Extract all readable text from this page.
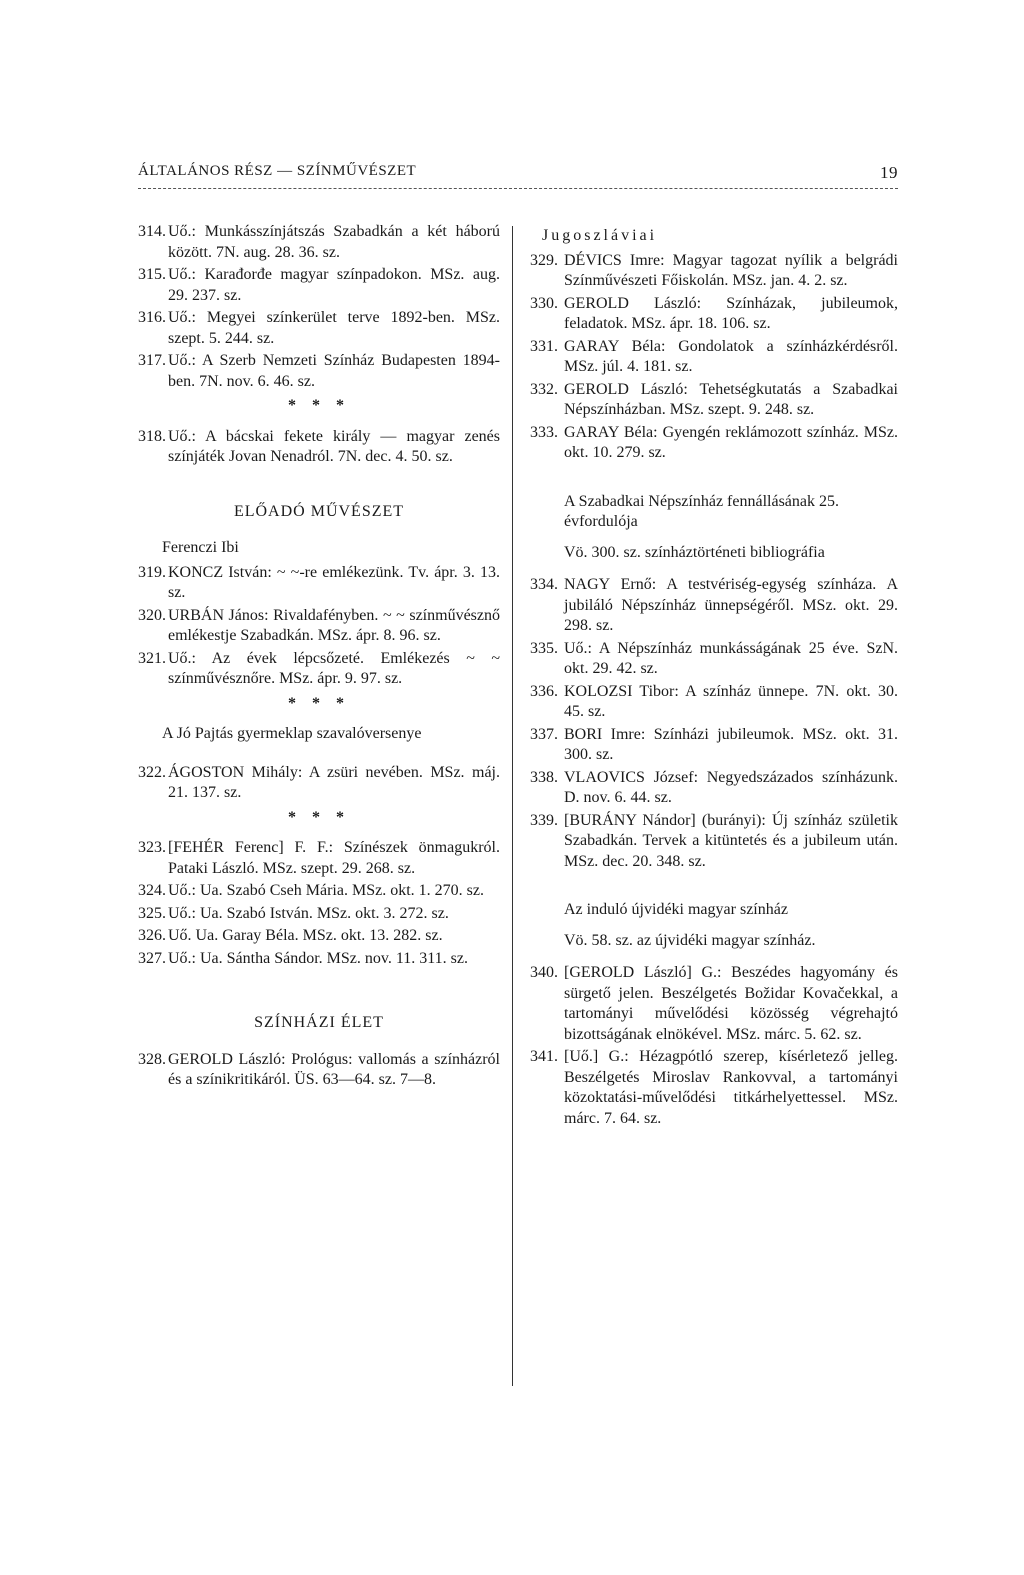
ÁLTALÁNOS RÉSZ — SZÍNMŰVÉSZET	19
314. Uő.: Munkásszínjátszás Szabadkán a két háború között. 7N. aug. 28. 36. sz.
315. Uő.: Karađorđe magyar színpadokon. MSz. aug. 29. 237. sz.
316. Uő.: Megyei színkerület terve 1892-ben. MSz. szept. 5. 244. sz.
317. Uő.: A Szerb Nemzeti Színház Budapesten 1894-ben. 7N. nov. 6. 46. sz.
* * *
318. Uő.: A bácskai fekete király — magyar zenés színjáték Jovan Nenadról. 7N. dec. 4. 50. sz.
ELŐADÓ MŰVÉSZET
Ferenczi Ibi
319. KONCZ István: ~ ~-re emlékezünk. Tv. ápr. 3. 13. sz.
320. URBÁN János: Rivaldafényben. ~ ~ színművésznő emlékestje Szabadkán. MSz. ápr. 8. 96. sz.
321. Uő.: Az évek lépcsőzeté. Emlékezés ~ ~ színművésznőre. MSz. ápr. 9. 97. sz.
* * *
A Jó Pajtás gyermeklap szavalóversenye
322. ÁGOSTON Mihály: A zsüri nevében. MSz. máj. 21. 137. sz.
* * *
323. [FEHÉR Ferenc] F. F.: Színészek önmagukról. Pataki László. MSz. szept. 29. 268. sz.
324. Uő.: Ua. Szabó Cseh Mária. MSz. okt. 1. 270. sz.
325. Uő.: Ua. Szabó István. MSz. okt. 3. 272. sz.
326. Uő. Ua. Garay Béla. MSz. okt. 13. 282. sz.
327. Uő.: Ua. Sántha Sándor. MSz. nov. 11. 311. sz.
SZÍNHÁZI ÉLET
328. GEROLD László: Prológus: vallomás a színházról és a színikritikáról. ÜS. 63—64. sz. 7—8.
Jugoszláviai
329. DÉVICS Imre: Magyar tagozat nyílik a belgrádi Színművészeti Főiskolán. MSz. jan. 4. 2. sz.
330. GEROLD László: Színházak, jubileumok, feladatok. MSz. ápr. 18. 106. sz.
331. GARAY Béla: Gondolatok a színházkérdésről. MSz. júl. 4. 181. sz.
332. GEROLD László: Tehetségkutatás a Szabadkai Népszínházban. MSz. szept. 9. 248. sz.
333. GARAY Béla: Gyengén reklámozott színház. MSz. okt. 10. 279. sz.
A Szabadkai Népszínház fennállásának 25. évfordulója
Vö. 300. sz. színháztörténeti bibliográfia
334. NAGY Ernő: A testvériség-egység színháza. A jubiláló Népszínház ünnepségéről. MSz. okt. 29. 298. sz.
335. Uő.: A Népszínház munkásságának 25 éve. SzN. okt. 29. 42. sz.
336. KOLOZSI Tibor: A színház ünnepe. 7N. okt. 30. 45. sz.
337. BORI Imre: Színházi jubileumok. MSz. okt. 31. 300. sz.
338. VLAOVICS József: Negyedszázados színházunk. D. nov. 6. 44. sz.
339. [BURÁNY Nándor] (burányi): Új színház születik Szabadkán. Tervek a kitüntetés és a jubileum után. MSz. dec. 20. 348. sz.
Az induló újvidéki magyar színház
Vö. 58. sz. az újvidéki magyar színház.
340. [GEROLD László] G.: Beszédes hagyomány és sürgető jelen. Beszélgetés Božidar Kovačekkal, a tartományi művelődési közösség végrehajtó bizottságának elnökével. MSz. márc. 5. 62. sz.
341. [Uő.] G.: Hézagpótló szerep, kísérletező jelleg. Beszélgetés Miroslav Rankovval, a tartományi közoktatási-művelődési titkárhelyettessel. MSz. márc. 7. 64. sz.
